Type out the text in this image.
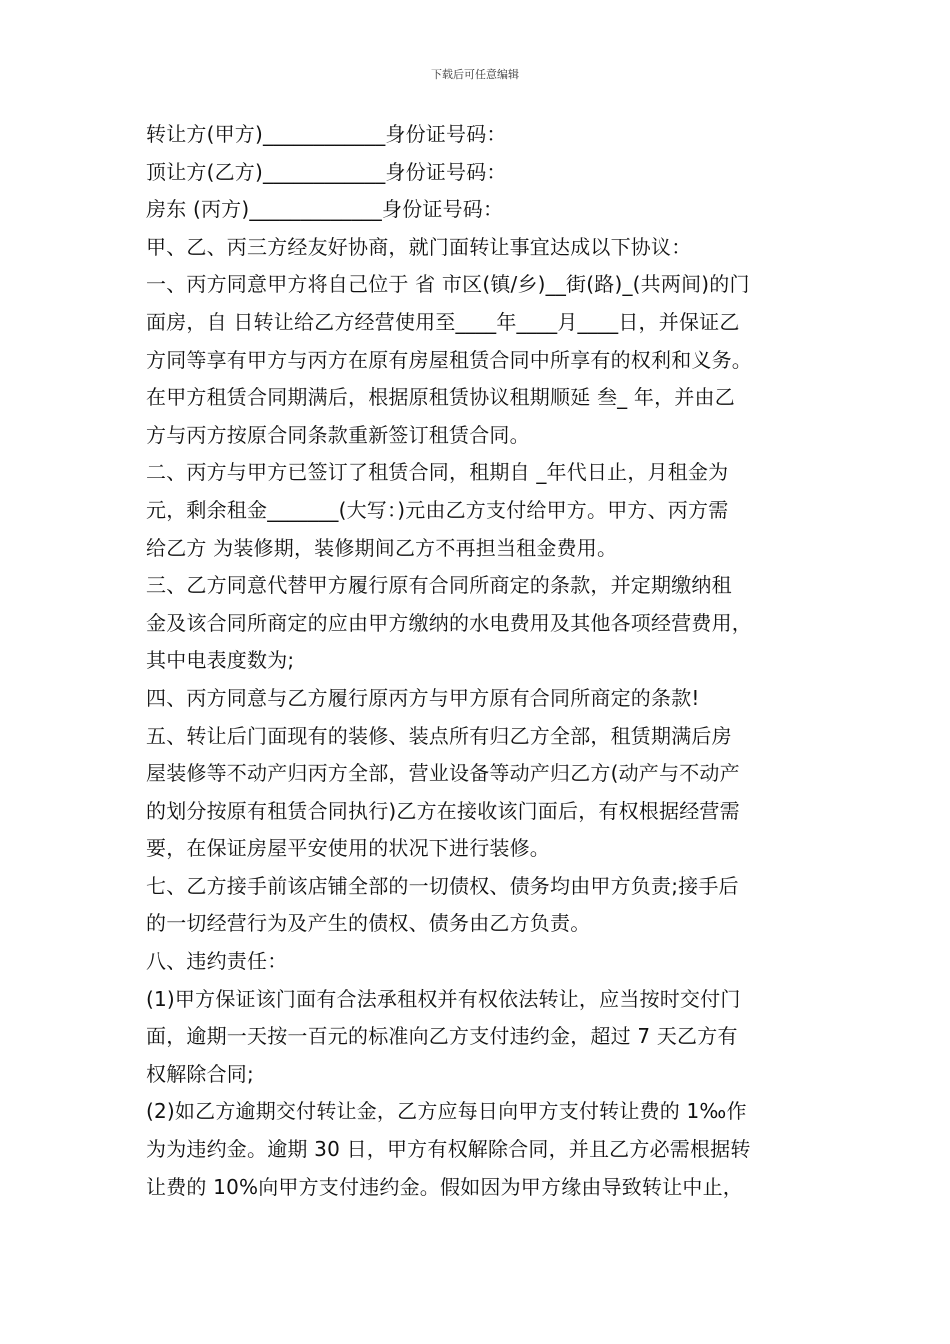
下载后可任意编辑
转让方(甲方)____________身份证号码：
顶让方(乙方)____________身份证号码：
房东 (丙方)_____________身份证号码：
甲、乙、丙三方经友好协商，就门面转让事宜达成以下协议：
一、丙方同意甲方将自己位于 省 市区(镇/乡)__街(路)_(共两间)的门
面房，自 日转让给乙方经营使用至____年____月____日，并保证乙
方同等享有甲方与丙方在原有房屋租赁合同中所享有的权利和义务。
在甲方租赁合同期满后，根据原租赁协议租期顺延 叁_ 年，并由乙
方与丙方按原合同条款重新签订租赁合同。
二、丙方与甲方已签订了租赁合同，租期自 _年代日止，月租金为
元，剩余租金_______(大写：)元由乙方支付给甲方。甲方、丙方需
给乙方 为装修期，装修期间乙方不再担当租金费用。
三、乙方同意代替甲方履行原有合同所商定的条款，并定期缴纳租
金及该合同所商定的应由甲方缴纳的水电费用及其他各项经营费用，
其中电表度数为;
四、丙方同意与乙方履行原丙方与甲方原有合同所商定的条款!
五、转让后门面现有的装修、装点所有归乙方全部，租赁期满后房
屋装修等不动产归丙方全部，营业设备等动产归乙方(动产与不动产
的划分按原有租赁合同执行)乙方在接收该门面后，有权根据经营需
要，在保证房屋平安使用的状况下进行装修。
七、乙方接手前该店铺全部的一切债权、债务均由甲方负责;接手后
的一切经营行为及产生的债权、债务由乙方负责。
八、违约责任：
(1)甲方保证该门面有合法承租权并有权依法转让，应当按时交付门
面，逾期一天按一百元的标准向乙方支付违约金，超过 7 天乙方有
权解除合同;
(2)如乙方逾期交付转让金，乙方应每日向甲方支付转让费的 1‰作
为为违约金。逾期 30 日，甲方有权解除合同，并且乙方必需根据转
让费的 10%向甲方支付违约金。假如因为甲方缘由导致转让中止，
